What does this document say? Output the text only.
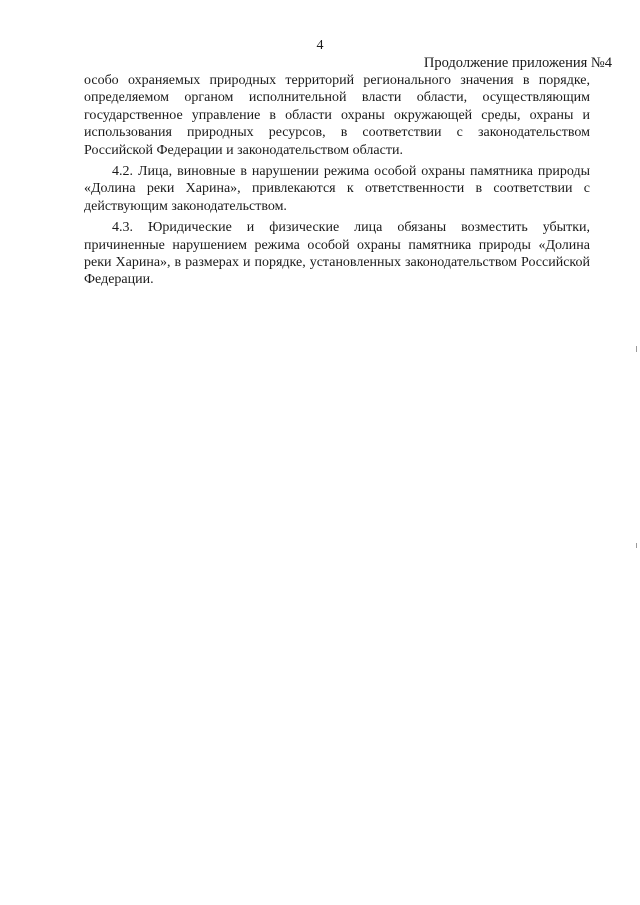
4
Продолжение приложения №4

особо охраняемых природных территорий регионального значения в порядке, определяемом органом исполнительной власти области, осуществляющим государственное управление в области охраны окружающей среды, охраны и использования природных ресурсов, в соответствии с законодательством Российской Федерации и законодательством области.

4.2. Лица, виновные в нарушении режима особой охраны памятника природы «Долина реки Харина», привлекаются к ответственности в соответствии с действующим законодательством.

4.3. Юридические и физические лица обязаны возместить убытки, причиненные нарушением режима особой охраны памятника природы «Долина реки Харина», в размерах и порядке, установленных законодательством Российской Федерации.
